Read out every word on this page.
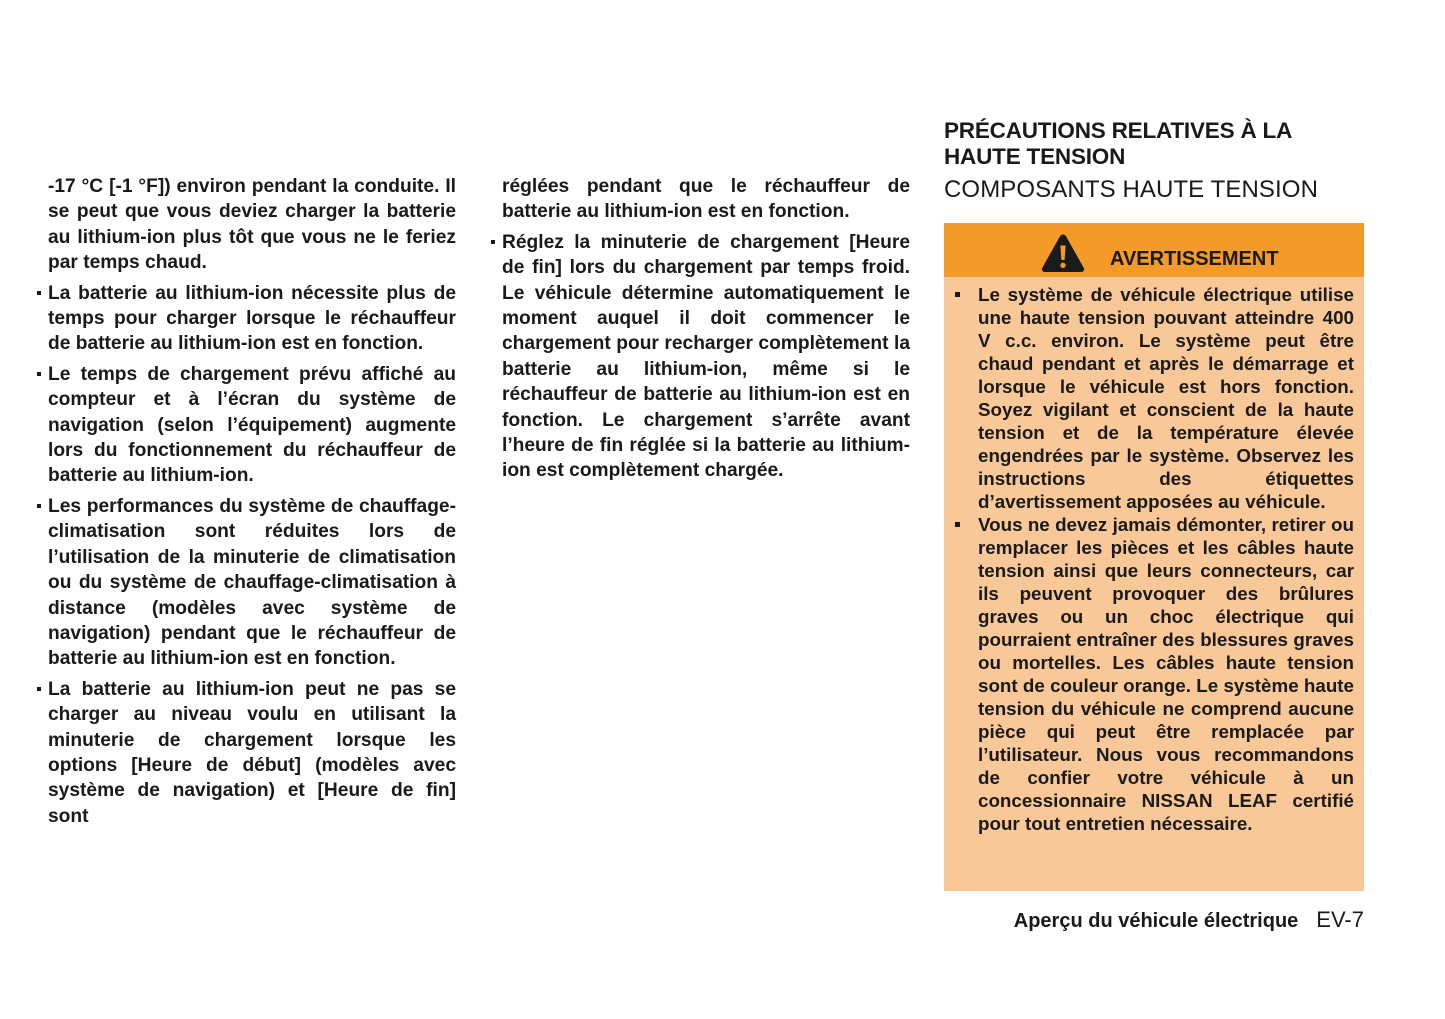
-17 °C [-1 °F]) environ pendant la conduite. Il se peut que vous deviez charger la batterie au lithium-ion plus tôt que vous ne le feriez par temps chaud.

La batterie au lithium-ion nécessite plus de temps pour charger lorsque le réchauffeur de batterie au lithium-ion est en fonction.

Le temps de chargement prévu affiché au compteur et à l’écran du système de navigation (selon l’équipement) augmente lors du fonctionnement du réchauffeur de batterie au lithium-ion.

Les performances du système de chauffage-climatisation sont réduites lors de l’utilisation de la minuterie de climatisation ou du système de chauffage-climatisation à distance (modèles avec système de navigation) pendant que le réchauffeur de batterie au lithium-ion est en fonction.

La batterie au lithium-ion peut ne pas se charger au niveau voulu en utilisant la minuterie de chargement lorsque les options [Heure de début] (modèles avec système de navigation) et [Heure de fin] sont

réglées pendant que le réchauffeur de batterie au lithium-ion est en fonction.

Réglez la minuterie de chargement [Heure de fin] lors du chargement par temps froid. Le véhicule détermine automatiquement le moment auquel il doit commencer le chargement pour recharger complètement la batterie au lithium-ion, même si le réchauffeur de batterie au lithium-ion est en fonction. Le chargement s’arrête avant l’heure de fin réglée si la batterie au lithium-ion est complètement chargée.

PRÉCAUTIONS RELATIVES À LA HAUTE TENSION
COMPOSANTS HAUTE TENSION
AVERTISSEMENT

Le système de véhicule électrique utilise une haute tension pouvant atteindre 400 V c.c. environ. Le système peut être chaud pendant et après le démarrage et lorsque le véhicule est hors fonction. Soyez vigilant et conscient de la haute tension et de la température élevée engendrées par le système. Observez les instructions des étiquettes d’avertissement apposées au véhicule.

Vous ne devez jamais démonter, retirer ou remplacer les pièces et les câbles haute tension ainsi que leurs connecteurs, car ils peuvent provoquer des brûlures graves ou un choc électrique qui pourraient entraîner des blessures graves ou mortelles. Les câbles haute tension sont de couleur orange. Le système haute tension du véhicule ne comprend aucune pièce qui peut être remplacée par l’utilisateur. Nous vous recommandons de confier votre véhicule à un concessionnaire NISSAN LEAF certifié pour tout entretien nécessaire.

Aperçu du véhicule électrique EV-7
